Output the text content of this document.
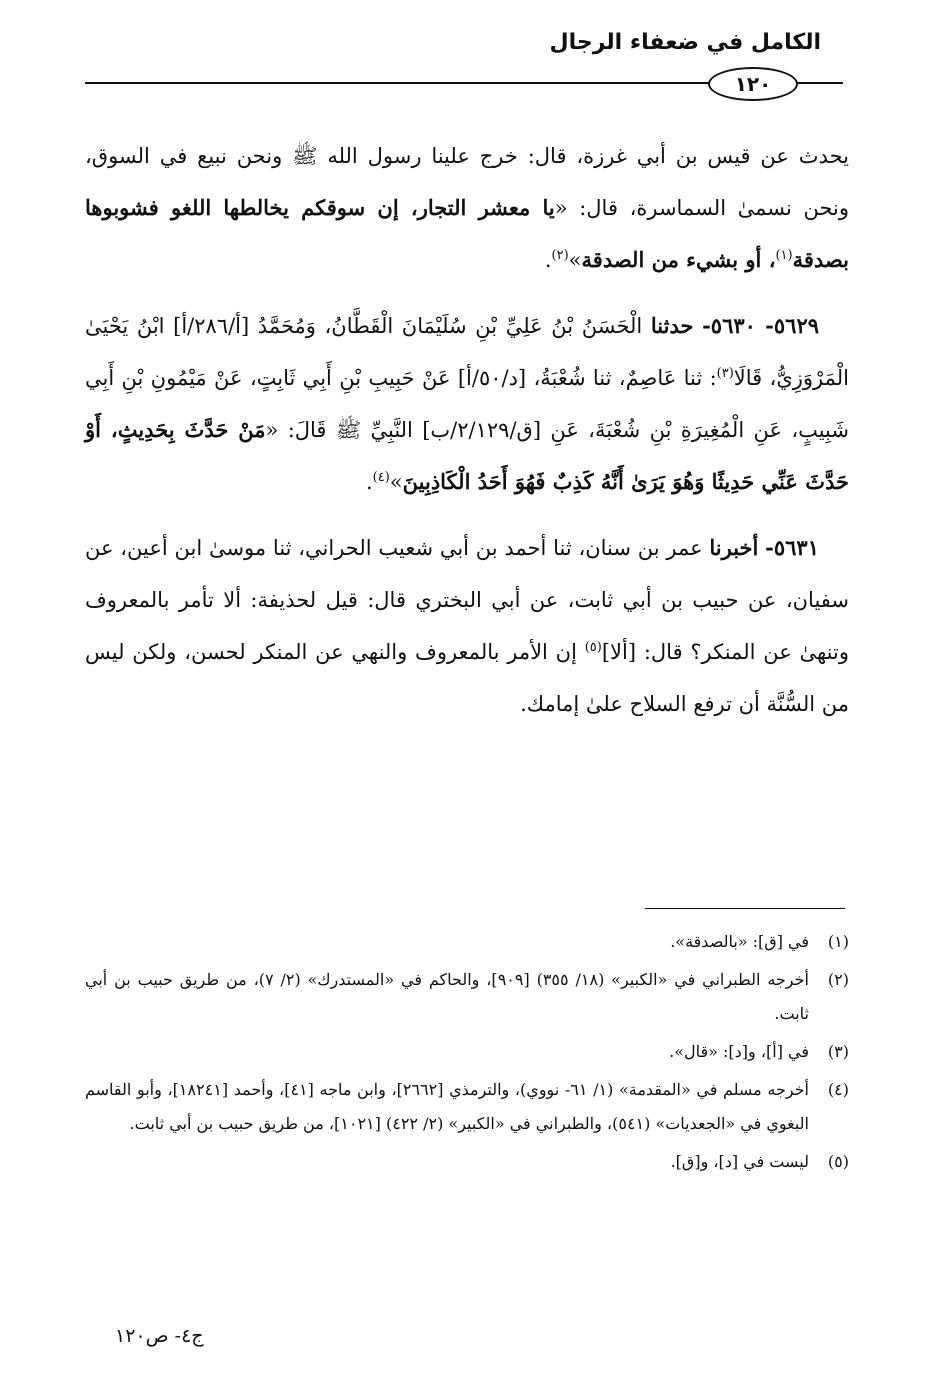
الكامل في ضعفاء الرجال
١٢٠

يحدث عن قيس بن أبي غرزة، قال: خرج علينا رسول الله ﷺ ونحن نبيع في السوق، ونحن نسمىٰ السماسرة، قال: «يا معشر التجار، إن سوقكم يخالطها اللغو فشوبوها بصدقة$^{(١)}$، أو بشيء من الصدقة»$^{(٢)}$.

٥٦٢٩- ٥٦٣٠- حدثنا الْحَسَنُ بْنُ عَلِيِّ بْنِ سُلَيْمَانَ الْقَطَّانُ، وَمُحَمَّدُ [أ/٢٨٦/أ] ابْنُ يَحْيَىٰ الْمَرْوَزِيُّ، قَالَا$^{(٣)}$: ثنا عَاصِمٌ، ثنا شُعْبَةُ، [د/٥٠/أ] عَنْ حَبِيبِ بْنِ أَبِي ثَابِتٍ، عَنْ مَيْمُونِ بْنِ أَبِي شَبِيبٍ، عَنِ الْمُغِيرَةِ بْنِ شُعْبَةَ، عَنِ [ق/٢/١٢٩/ب] النَّبِيِّ ﷺ قَالَ: «مَنْ حَدَّثَ بِحَدِيثٍ، أَوْ حَدَّثَ عَنِّي حَدِيثًا وَهُوَ يَرَىٰ أَنَّهُ كَذِبٌ فَهُوَ أَحَدُ الْكَاذِبِينَ»$^{(٤)}$.

٥٦٣١- أخبرنا عمر بن سنان، ثنا أحمد بن أبي شعيب الحراني، ثنا موسىٰ ابن أعين، عن سفيان، عن حبيب بن أبي ثابت، عن أبي البختري قال: قيل لحذيفة: ألا تأمر بالمعروف وتنهىٰ عن المنكر؟ قال: [ألا]$^{(٥)}$ إن الأمر بالمعروف والنهي عن المنكر لحسن، ولكن ليس من السُّنَّة أن ترفع السلاح علىٰ إمامك.

(١)
في [ق]: «بالصدقة».
(٢)
أخرجه الطبراني في «الكبير» (١٨/ ٣٥٥) [٩٠٩]، والحاكم في «المستدرك» (٢/ ٧)، من طريق حبيب بن أبي ثابت.
(٣)
في [أ]، و[د]: «قال».
(٤)
أخرجه مسلم في «المقدمة» (١/ ٦١- نووي)، والترمذي [٢٦٦٢]، وابن ماجه [٤١]، وأحمد [١٨٢٤١]، وأبو القاسم البغوي في «الجعديات» (٥٤١)، والطبراني في «الكبير» (٢/ ٤٢٢) [١٠٢١]، من طريق حبيب بن أبي ثابت.
(٥)
ليست في [د]، و[ق].
ج٤- ص١٢٠
